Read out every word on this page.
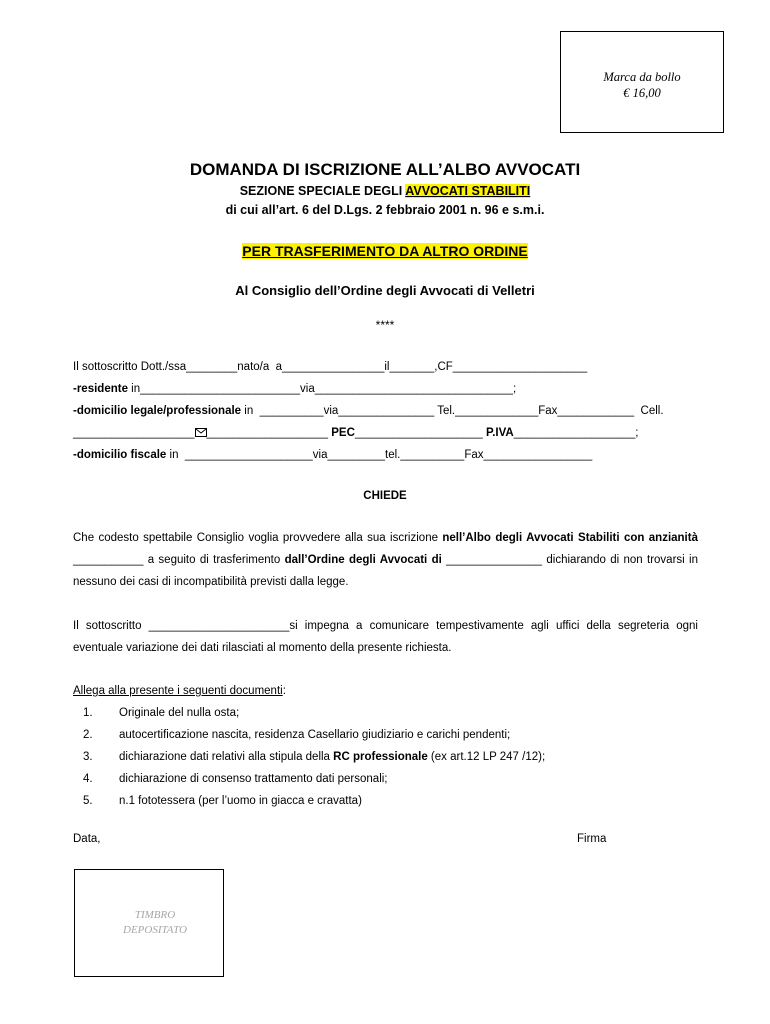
Marca da bollo
€ 16,00
DOMANDA DI ISCRIZIONE ALL’ALBO AVVOCATI
SEZIONE SPECIALE DEGLI AVVOCATI STABILITI
di cui all’art. 6 del D.Lgs. 2 febbraio 2001 n. 96 e s.m.i.
PER TRASFERIMENTO DA ALTRO ORDINE
Al Consiglio dell’Ordine degli Avvocati di Velletri
****
Il sottoscritto Dott./ssa________nato/a  a________________il_______,CF_____________________
-residente in_________________________via_______________________________;
-domicilio legale/professionale in  __________via_______________ Tel._____________Fax____________  Cell.
___________________ ___________________ PEC____________________ P.IVA___________________;
-domicilio fiscale in  ____________________via_________tel.__________Fax_________________
CHIEDE
Che codesto spettabile Consiglio voglia provvedere alla sua iscrizione nell’Albo degli Avvocati Stabiliti con anzianità ___________ a seguito di trasferimento dall’Ordine degli Avvocati di _______________ dichiarando di non trovarsi in nessuno dei casi di incompatibilità previsti dalla legge.
Il sottoscritto ______________________si impegna a comunicare tempestivamente agli uffici della segreteria ogni eventuale variazione dei dati rilasciati al momento della presente richiesta.
Allega alla presente i seguenti documenti:
1. Originale del nulla osta;
2. autocertificazione nascita, residenza Casellario giudiziario e carichi pendenti;
3. dichiarazione dati relativi alla stipula della RC professionale (ex art.12 LP 247 /12);
4. dichiarazione di consenso trattamento dati personali;
5. n.1 fototessera (per l’uomo in giacca e cravatta)
Data,	Firma
TIMBRO
DEPOSITATO
